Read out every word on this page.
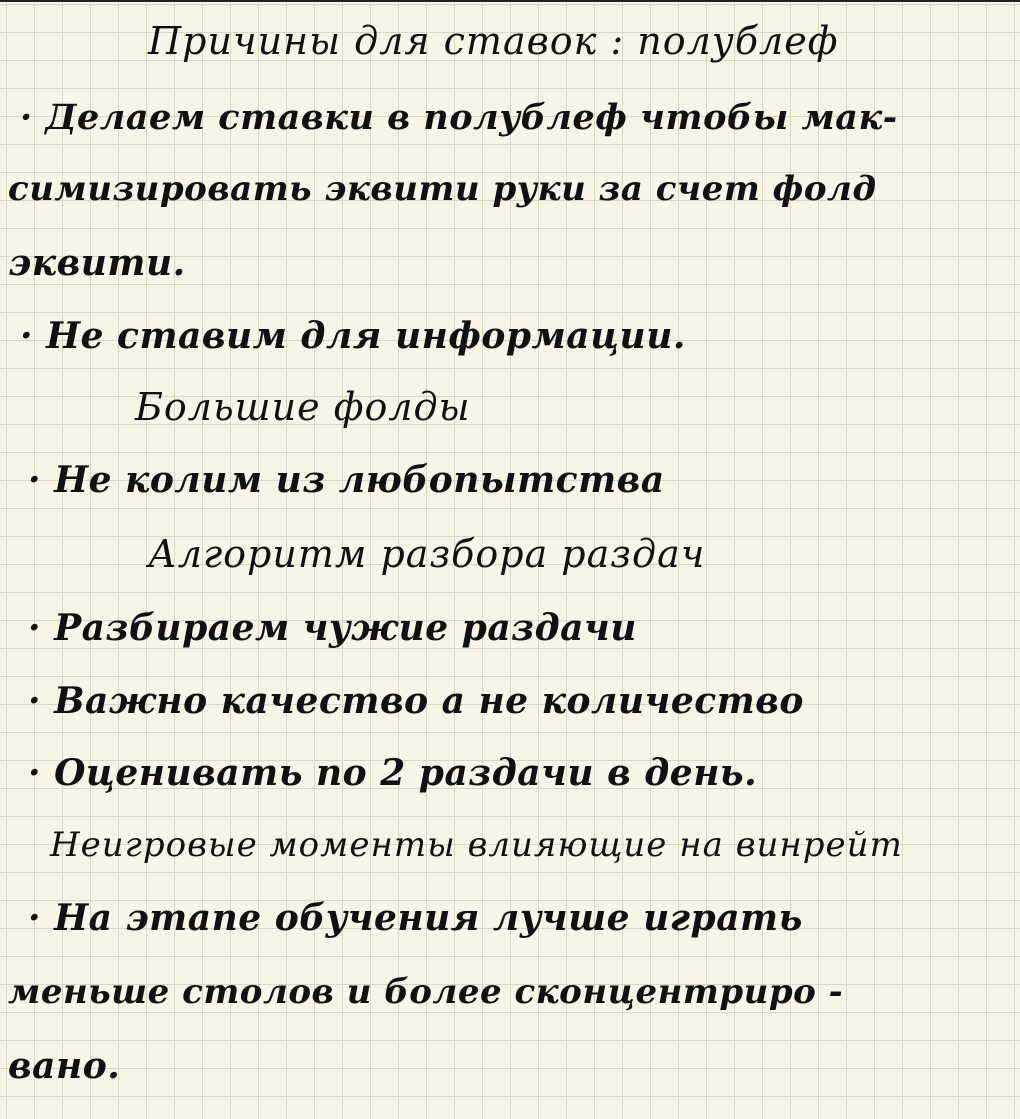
Причины для ставок : полублеф
· Делаем ставки в полублеф чтобы мак-
симизировать эквити руки за счет фолд
эквити.
· Не ставим для информации.
Большие фолды
· Не колим из любопытства
Алгоритм разбора раздач
· Разбираем чужие раздачи
· Важно качество а не количество
· Оценивать по 2 раздачи в день.
Неигровые моменты влияющие на винрейт
· На этапе обучения лучше играть
меньше столов и более сконцентриро -
вано.
